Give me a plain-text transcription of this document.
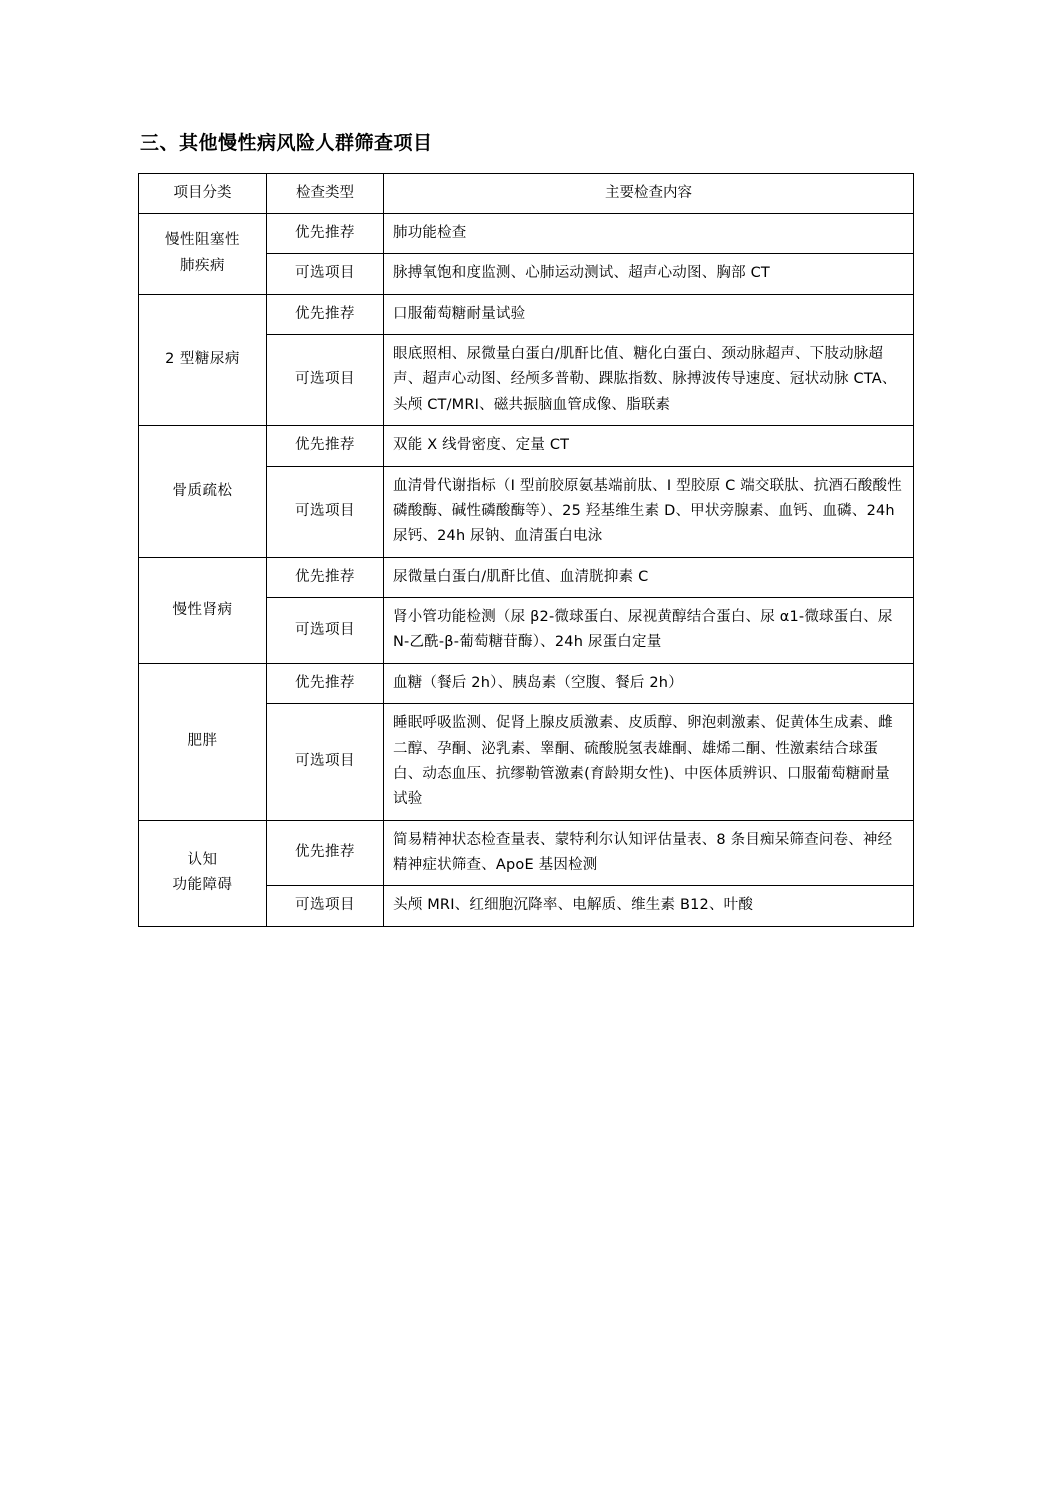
三、其他慢性病风险人群筛查项目
项目分类	检查类型	主要检查内容

慢性阻塞性
肺疾病	优先推荐	肺功能检查
	可选项目	脉搏氧饱和度监测、心肺运动测试、超声心动图、胸部 CT
2 型糖尿病	优先推荐	口服葡萄糖耐量试验
	可选项目	眼底照相、尿微量白蛋白/肌酐比值、糖化白蛋白、颈动脉超声、下肢动脉超声、超声心动图、经颅多普勒、踝肱指数、脉搏波传导速度、冠状动脉 CTA、头颅 CT/MRI、磁共振脑血管成像、脂联素
骨质疏松	优先推荐	双能 X 线骨密度、定量 CT
	可选项目	血清骨代谢指标（Ⅰ 型前胶原氨基端前肽、Ⅰ 型胶原 C 端交联肽、抗酒石酸酸性磷酸酶、碱性磷酸酶等）、25 羟基维生素 D、甲状旁腺素、血钙、血磷、24h 尿钙、24h 尿钠、血清蛋白电泳
慢性肾病	优先推荐	尿微量白蛋白/肌酐比值、血清胱抑素 C
	可选项目	肾小管功能检测（尿 β2-微球蛋白、尿视黄醇结合蛋白、尿 α1-微球蛋白、尿 N-乙酰-β-葡萄糖苷酶）、24h 尿蛋白定量
肥胖	优先推荐	血糖（餐后 2h）、胰岛素（空腹、餐后 2h）
	可选项目	睡眠呼吸监测、促肾上腺皮质激素、皮质醇、卵泡刺激素、促黄体生成素、雌二醇、孕酮、泌乳素、睾酮、硫酸脱氢表雄酮、雄烯二酮、性激素结合球蛋白、动态血压、抗缪勒管激素(育龄期女性)、中医体质辨识、口服葡萄糖耐量试验

认知
功能障碍	优先推荐	简易精神状态检查量表、蒙特利尔认知评估量表、8 条目痴呆筛查问卷、神经精神症状筛查、ApoE 基因检测
	可选项目	头颅 MRI、红细胞沉降率、电解质、维生素 B12、叶酸
